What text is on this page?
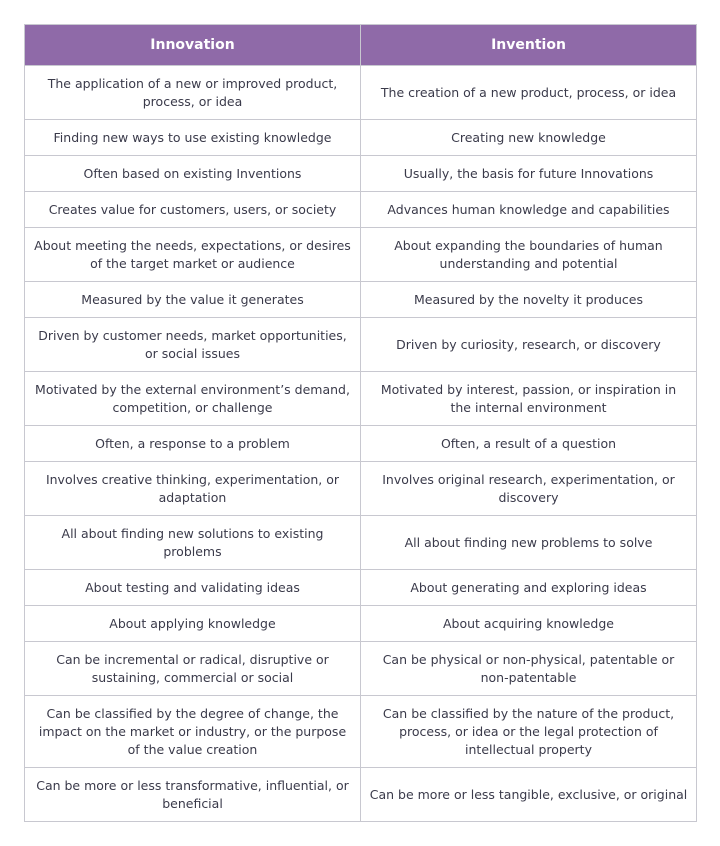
Innovation	Invention
The application of a new or improved product, process, or idea	The creation of a new product, process, or idea
Finding new ways to use existing knowledge	Creating new knowledge
Often based on existing Inventions	Usually, the basis for future Innovations
Creates value for customers, users, or society	Advances human knowledge and capabilities
About meeting the needs, expectations, or desires of the target market or audience	About expanding the boundaries of human understanding and potential
Measured by the value it generates	Measured by the novelty it produces
Driven by customer needs, market opportunities, or social issues	Driven by curiosity, research, or discovery
Motivated by the external environment’s demand, competition, or challenge	Motivated by interest, passion, or inspiration in the internal environment
Often, a response to a problem	Often, a result of a question
Involves creative thinking, experimentation, or adaptation	Involves original research, experimentation, or discovery
All about finding new solutions to existing problems	All about finding new problems to solve
About testing and validating ideas	About generating and exploring ideas
About applying knowledge	About acquiring knowledge
Can be incremental or radical, disruptive or sustaining, commercial or social	Can be physical or non-physical, patentable or non-patentable
Can be classified by the degree of change, the impact on the market or industry, or the purpose of the value creation	Can be classified by the nature of the product, process, or idea or the legal protection of intellectual property
Can be more or less transformative, influential, or beneficial	Can be more or less tangible, exclusive, or original
